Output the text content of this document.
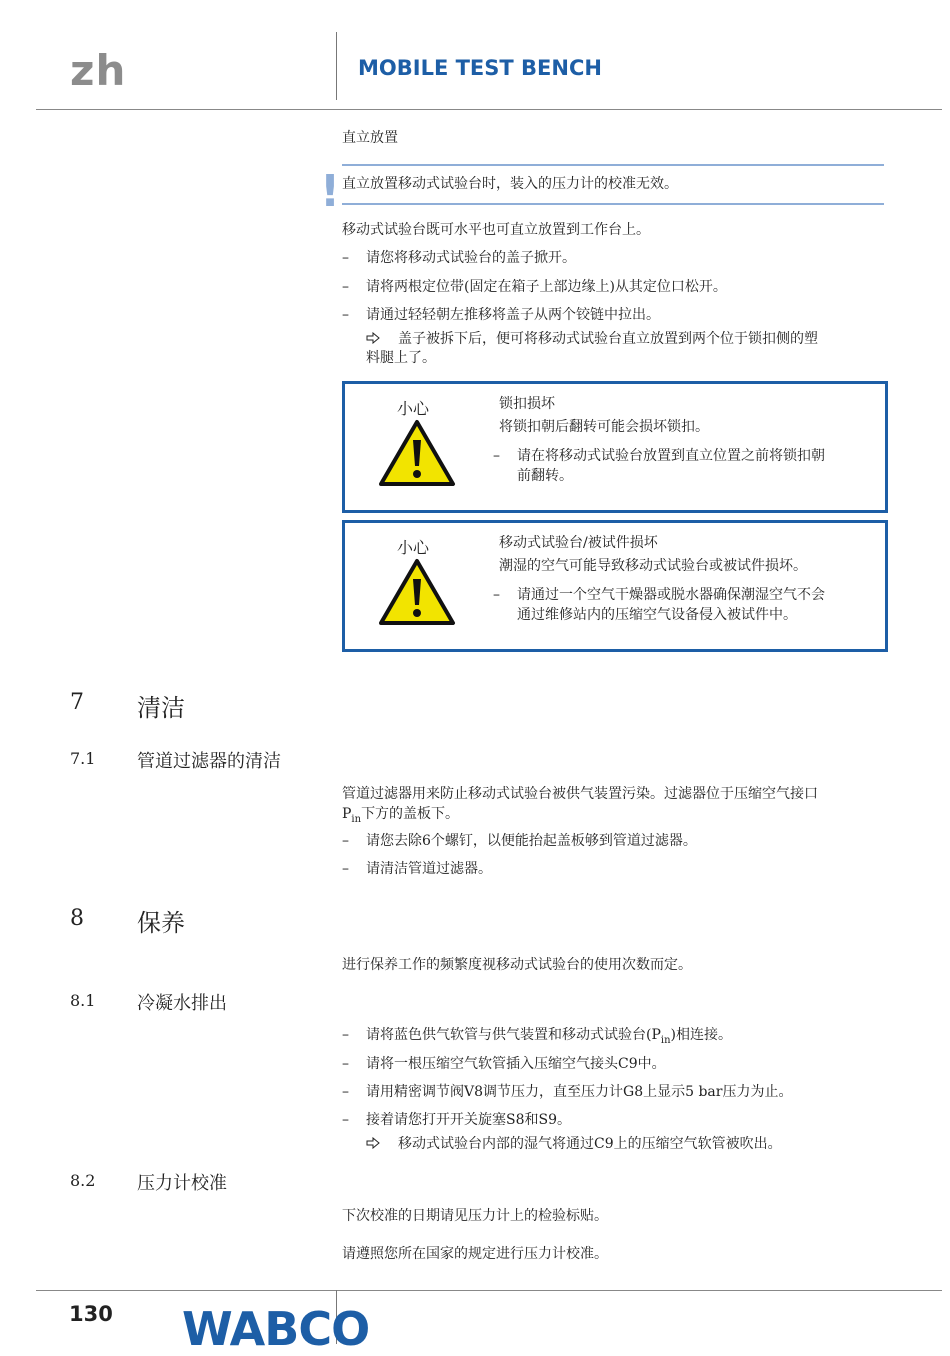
zh	MOBILE TEST BENCH
直立放置
! 直立放置移动式试验台时，装入的压力计的校准无效。
移动式试验台既可水平也可直立放置到工作台上。
– 请您将移动式试验台的盖子掀开。
– 请将两根定位带(固定在箱子上部边缘上)从其定位口松开。
– 请通过轻轻朝左推移将盖子从两个铰链中拉出。
盖子被拆下后，便可将移动式试验台直立放置到两个位于锁扣侧的塑
料腿上了。
小心	锁扣损坏
将锁扣朝后翻转可能会损坏锁扣。
– 请在将移动式试验台放置到直立位置之前将锁扣朝
前翻转。
小心	移动式试验台/被试件损坏
潮湿的空气可能导致移动式试验台或被试件损坏。
– 请通过一个空气干燥器或脱水器确保潮湿空气不会
通过维修站内的压缩空气设备侵入被试件中。
7 清洁
7.1 管道过滤器的清洁
管道过滤器用来防止移动式试验台被供气装置污染。过滤器位于压缩空气接口
$P_{in}$下方的盖板下。
– 请您去除6个螺钉，以便能抬起盖板够到管道过滤器。
– 请清洁管道过滤器。
8 保养
进行保养工作的频繁度视移动式试验台的使用次数而定。
8.1 冷凝水排出
– 请将蓝色供气软管与供气装置和移动式试验台$(P_{in})$相连接。
– 请将一根压缩空气软管插入压缩空气接头C9中。
– 请用精密调节阀V8调节压力，直至压力计G8上显示5 bar压力为止。
– 接着请您打开开关旋塞S8和S9。
移动式试验台内部的湿气将通过C9上的压缩空气软管被吹出。
8.2 压力计校准
下次校准的日期请见压力计上的检验标贴。
请遵照您所在国家的规定进行压力计校准。
130 WABCO
